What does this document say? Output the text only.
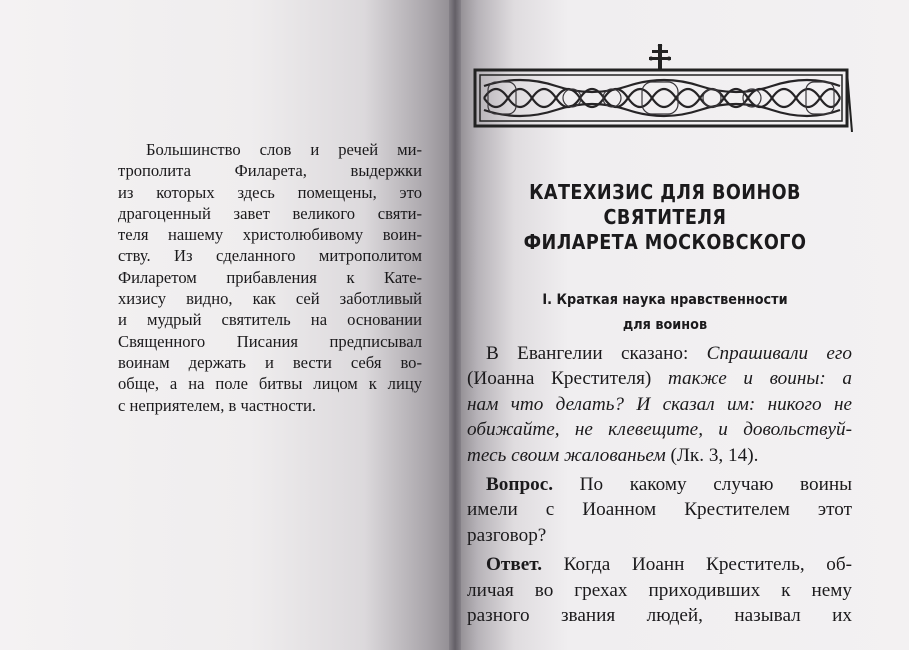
Большинство слов и речей ми-
трополита Филарета, выдержки
из которых здесь помещены, это
драгоценный завет великого святи-
теля нашему христолюбивому воин-
ству. Из сделанного митрополитом
Филаретом прибавления к Кате-
хизису видно, как сей заботливый
и мудрый святитель на основании
Священного Писания предписывал
воинам держать и вести себя во-
обще, а на поле битвы лицом к лицу
с неприятелем, в частности.
КАТЕХИЗИС ДЛЯ ВОИНОВ
СВЯТИТЕЛЯ
ФИЛАРЕТА МОСКОВСКОГО
I. Краткая наука нравственности
для воинов
В Евангелии сказано: Спрашивали его
(Иоанна Крестителя) также и воины: а
нам что делать? И сказал им: никого не
обижайте, не клевещите, и довольствуй-
тесь своим жалованьем (Лк. 3, 14).
Вопрос. По какому случаю воины
имели с Иоанном Крестителем этот
разговор?
Ответ. Когда Иоанн Креститель, об-
личая во грехах приходивших к нему
разного звания людей, называл их
